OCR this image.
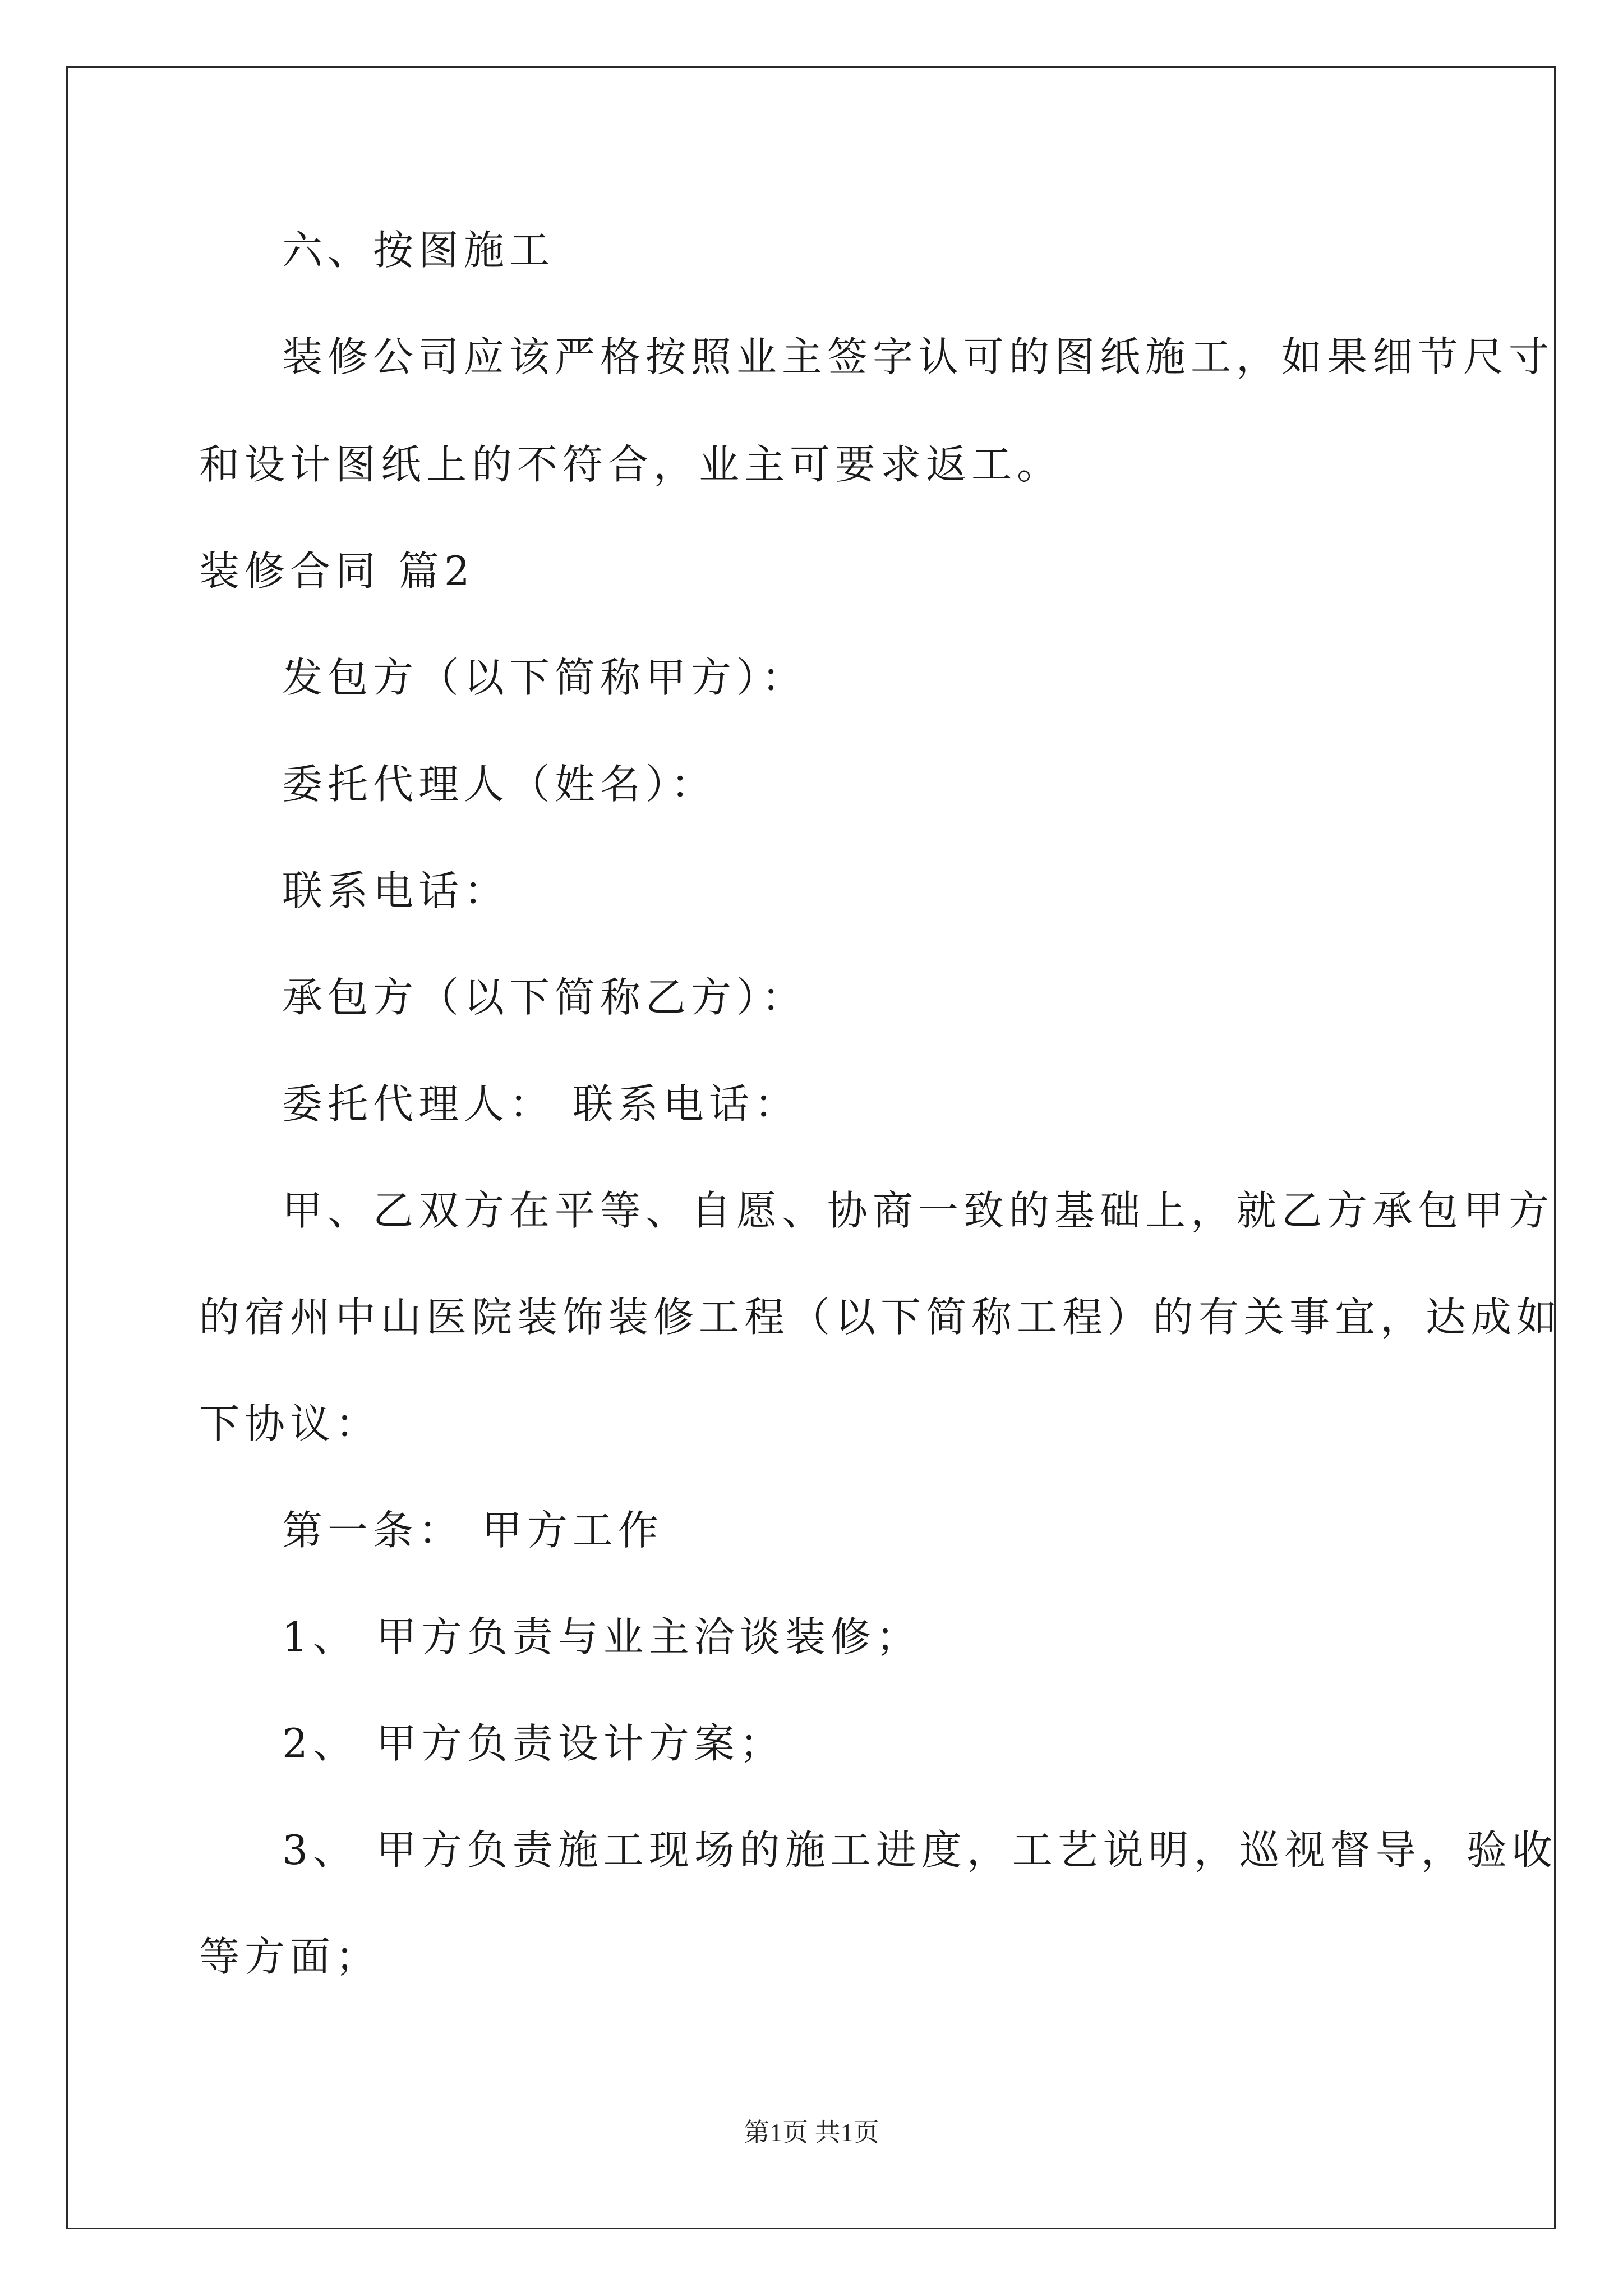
六、按图施工
装修公司应该严格按照业主签字认可的图纸施工，如果细节尺寸
和设计图纸上的不符合，业主可要求返工。
装修合同 篇2
发包方（以下简称甲方）：
委托代理人（姓名）：
联系电话：
承包方（以下简称乙方）：
委托代理人： 联系电话：
甲、乙双方在平等、自愿、协商一致的基础上，就乙方承包甲方
的宿州中山医院装饰装修工程（以下简称工程）的有关事宜，达成如
下协议：
第一条： 甲方工作
1、 甲方负责与业主洽谈装修；
2、 甲方负责设计方案；
3、 甲方负责施工现场的施工进度，工艺说明，巡视督导，验收
等方面；
第1页 共1页
